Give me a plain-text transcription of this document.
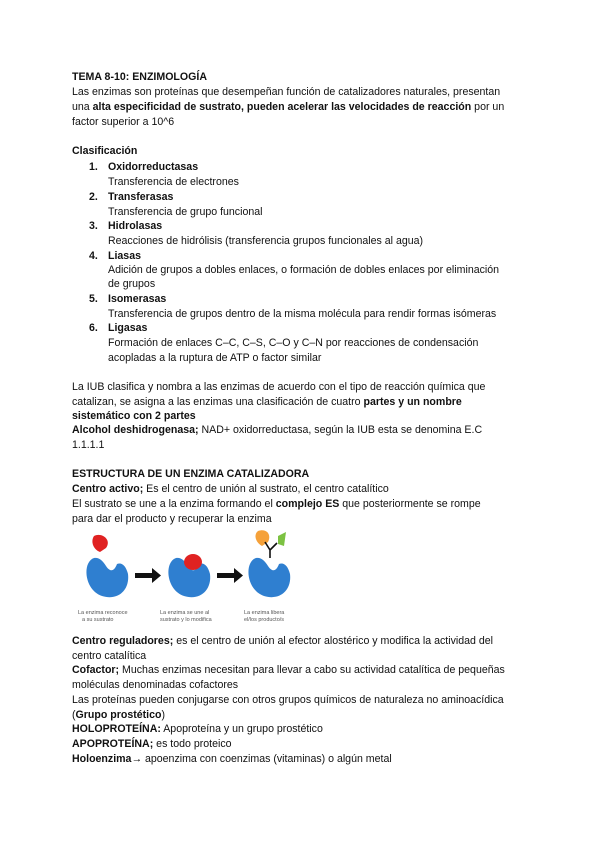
TEMA 8-10: ENZIMOLOGÍA
Las enzimas son proteínas que desempeñan función de catalizadores naturales, presentan
una alta especificidad de sustrato, pueden acelerar las velocidades de reacción por un
factor superior a 10^6
Clasificación
1. Oxidorreductasas
Transferencia de electrones
2. Transferasas
Transferencia de grupo funcional
3. Hidrolasas
Reacciones de hidrólisis (transferencia grupos funcionales al agua)
4. Liasas
Adición de grupos a dobles enlaces, o formación de dobles enlaces por eliminación
de grupos
5. Isomerasas
Transferencia de grupos dentro de la misma molécula para rendir formas isómeras
6. Ligasas
Formación de enlaces C–C, C–S, C–O y C–N por reacciones de condensación
acopladas a la ruptura de ATP o factor similar
La IUB clasifica y nombra a las enzimas de acuerdo con el tipo de reacción química que
catalizan, se asigna a las enzimas una clasificación de cuatro partes y un nombre
sistemático con 2 partes
Alcohol deshidrogenasa; NAD+ oxidorreductasa, según la IUB esta se denomina E.C
1.1.1.1
ESTRUCTURA DE UN ENZIMA CATALIZADORA
Centro activo; Es el centro de unión al sustrato, el centro catalítico
El sustrato se une a la enzima formando el complejo ES que posteriormente se rompe
para dar el producto y recuperar la enzima
La enzima reconoce
a su sustrato
La enzima se une al
sustrato y lo modifica
La enzima libera
el/los producto/s
Centro reguladores; es el centro de unión al efector alostérico y modifica la actividad del
centro catalítica
Cofactor; Muchas enzimas necesitan para llevar a cabo su actividad catalítica de pequeñas
moléculas denominadas cofactores
Las proteínas pueden conjugarse con otros grupos químicos de naturaleza no aminoacídica
(Grupo prostético)
HOLOPROTEÍNA: Apoproteína y un grupo prostético
APOPROTEÍNA; es todo proteico
Holoenzima→ apoenzima con coenzimas (vitaminas) o algún metal
